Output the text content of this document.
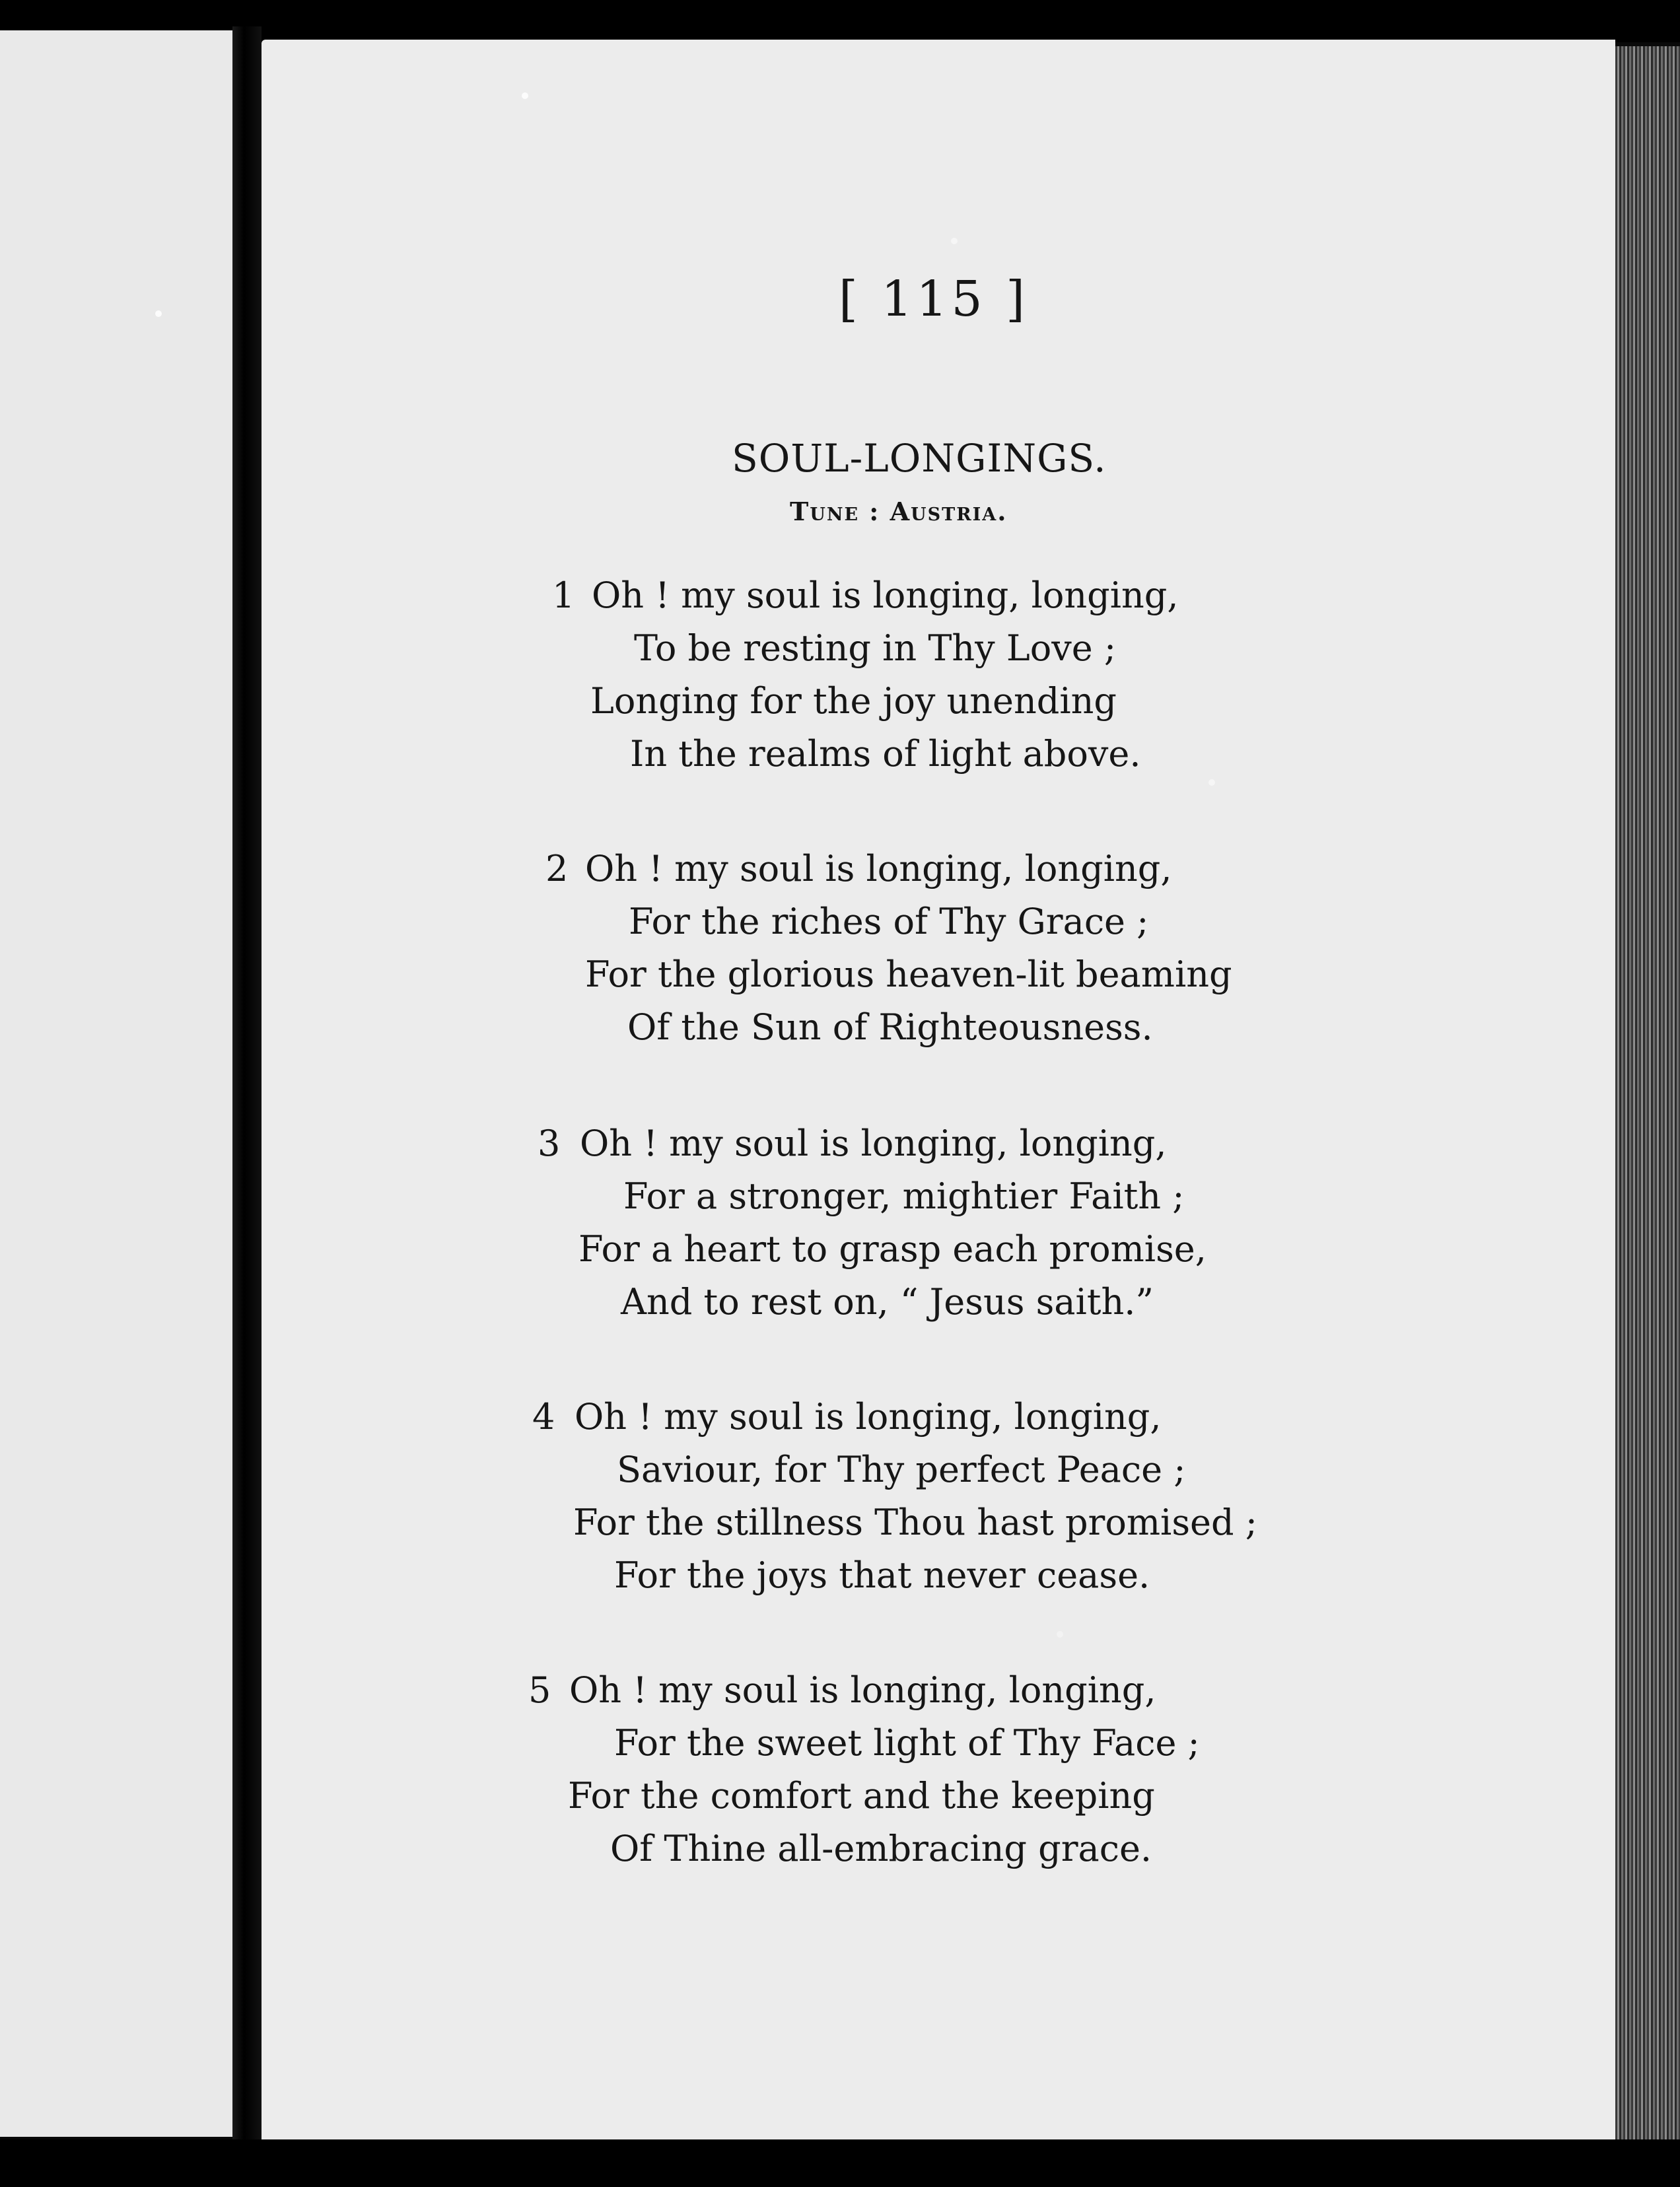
[ 115 ]
SOUL-LONGINGS.
Tune : Austria.
1 Oh ! my soul is longing, longing,
To be resting in Thy Love ;
Longing for the joy unending
In the realms of light above.
2 Oh ! my soul is longing, longing,
For the riches of Thy Grace ;
For the glorious heaven-lit beaming
Of the Sun of Righteousness.
3 Oh ! my soul is longing, longing,
For a stronger, mightier Faith ;
For a heart to grasp each promise,
And to rest on, “ Jesus saith.”
4 Oh ! my soul is longing, longing,
Saviour, for Thy perfect Peace ;
For the stillness Thou hast promised ;
For the joys that never cease.
5 Oh ! my soul is longing, longing,
For the sweet light of Thy Face ;
For the comfort and the keeping
Of Thine all-embracing grace.
